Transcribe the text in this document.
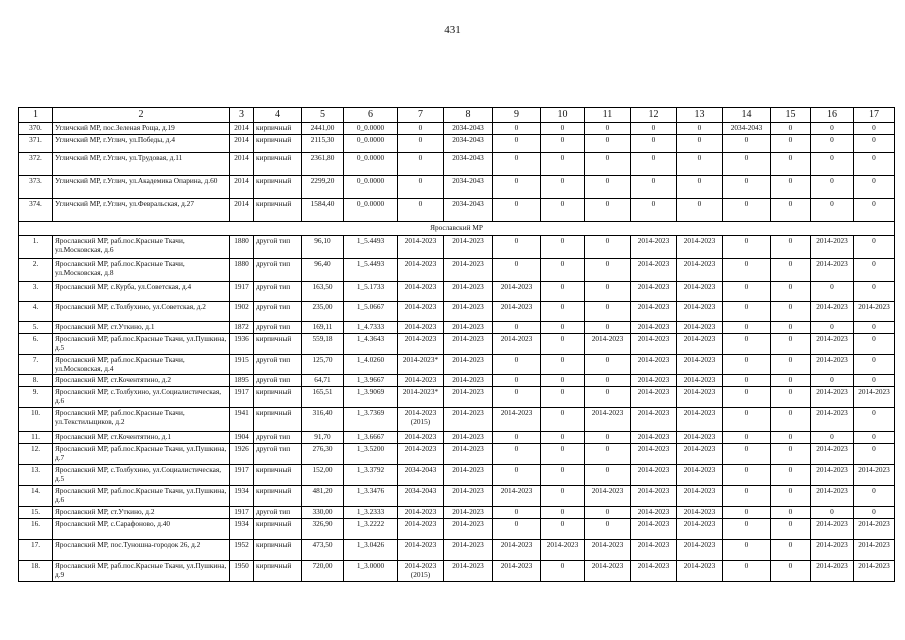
431
1	2	3	4	5	6	7	8	9	10	11	12	13	14	15	16	17
370.	Угличский МР, пос.Зеленая Роща, д.19	2014	кирпичный	2441,00	0_0.0000	0	2034-2043	0	0	0	0	0	2034-2043	0	0	0
371.	Угличский МР, г.Углич, ул.Победы, д.4	2014	кирпичный	2115,30	0_0.0000	0	2034-2043	0	0	0	0	0	0	0	0	0
372.	Угличский МР, г.Углич, ул.Трудовая, д.11	2014	кирпичный	2361,80	0_0.0000	0	2034-2043	0	0	0	0	0	0	0	0	0
373.	Угличский МР, г.Углич, ул.Академика Опарина, д.60	2014	кирпичный	2299,20	0_0.0000	0	2034-2043	0	0	0	0	0	0	0	0	0
374.	Угличский МР, г.Углич, ул.Февральская, д.27	2014	кирпичный	1584,40	0_0.0000	0	2034-2043	0	0	0	0	0	0	0	0	0
Ярославский МР																
1.	Ярославский МР, раб.пос.Красные Ткачи, ул.Московская, д.6	1880	другой тип	96,10	1_5.4493	2014-2023	2014-2023	0	0	0	2014-2023	2014-2023	0	0	2014-2023	0
2.	Ярославский МР, раб.пос.Красные Ткачи, ул.Московская, д.8	1880	другой тип	96,40	1_5.4493	2014-2023	2014-2023	0	0	0	2014-2023	2014-2023	0	0	2014-2023	0
3.	Ярославский МР, с.Курба, ул.Советская, д.4	1917	другой тип	163,50	1_5.1733	2014-2023	2014-2023	2014-2023	0	0	2014-2023	2014-2023	0	0	0	0
4.	Ярославский МР, с.Толбухино, ул.Советская, д.2	1902	другой тип	235,00	1_5.0667	2014-2023	2014-2023	2014-2023	0	0	2014-2023	2014-2023	0	0	2014-2023	2014-2023
5.	Ярославский МР, ст.Уткино, д.1	1872	другой тип	169,11	1_4.7333	2014-2023	2014-2023	0	0	0	2014-2023	2014-2023	0	0	0	0
6.	Ярославский МР, раб.пос.Красные Ткачи, ул.Пушкина, д.5	1936	кирпичный	559,18	1_4.3643	2014-2023	2014-2023	2014-2023	0	2014-2023	2014-2023	2014-2023	0	0	2014-2023	0
7.	Ярославский МР, раб.пос.Красные Ткачи, ул.Московская, д.4	1915	другой тип	125,70	1_4.0260	2014-2023*	2014-2023	0	0	0	2014-2023	2014-2023	0	0	2014-2023	0
8.	Ярославский МР, ст.Кочентятино, д.2	1895	другой тип	64,71	1_3.9667	2014-2023	2014-2023	0	0	0	2014-2023	2014-2023	0	0	0	0
9.	Ярославский МР, с.Толбухино, ул.Социалистическая, д.6	1917	кирпичный	165,51	1_3.9069	2014-2023*	2014-2023	0	0	0	2014-2023	2014-2023	0	0	2014-2023	2014-2023
10.	Ярославский МР, раб.пос.Красные Ткачи, ул.Текстильщиков, д.2	1941	кирпичный	316,40	1_3.7369	2014-2023 (2015)	2014-2023	2014-2023	0	2014-2023	2014-2023	2014-2023	0	0	2014-2023	0
11.	Ярославский МР, ст.Кочентятино, д.1	1904	другой тип	91,70	1_3.6667	2014-2023	2014-2023	0	0	0	2014-2023	2014-2023	0	0	0	0
12.	Ярославский МР, раб.пос.Красные Ткачи, ул.Пушкина, д.7	1926	другой тип	276,30	1_3.5200	2014-2023	2014-2023	0	0	0	2014-2023	2014-2023	0	0	2014-2023	0
13.	Ярославский МР, с.Толбухино, ул.Социалистическая, д.5	1917	кирпичный	152,00	1_3.3792	2034-2043	2014-2023	0	0	0	2014-2023	2014-2023	0	0	2014-2023	2014-2023
14.	Ярославский МР, раб.пос.Красные Ткачи, ул.Пушкина, д.6	1934	кирпичный	481,20	1_3.3476	2034-2043	2014-2023	2014-2023	0	2014-2023	2014-2023	2014-2023	0	0	2014-2023	0
15.	Ярославский МР, ст.Уткино, д.2	1917	другой тип	330,00	1_3.2333	2014-2023	2014-2023	0	0	0	2014-2023	2014-2023	0	0	0	0
16.	Ярославский МР, с.Сарафоново, д.40	1934	кирпичный	326,90	1_3.2222	2014-2023	2014-2023	0	0	0	2014-2023	2014-2023	0	0	2014-2023	2014-2023
17.	Ярославский МР, пос.Туношна-городок 26, д.2	1952	кирпичный	473,50	1_3.0426	2014-2023	2014-2023	2014-2023	2014-2023	2014-2023	2014-2023	2014-2023	0	0	2014-2023	2014-2023
18.	Ярославский МР, раб.пос.Красные Ткачи, ул.Пушкина, д.9	1950	кирпичный	720,00	1_3.0000	2014-2023 (2015)	2014-2023	2014-2023	0	2014-2023	2014-2023	2014-2023	0	0	2014-2023	2014-2023
